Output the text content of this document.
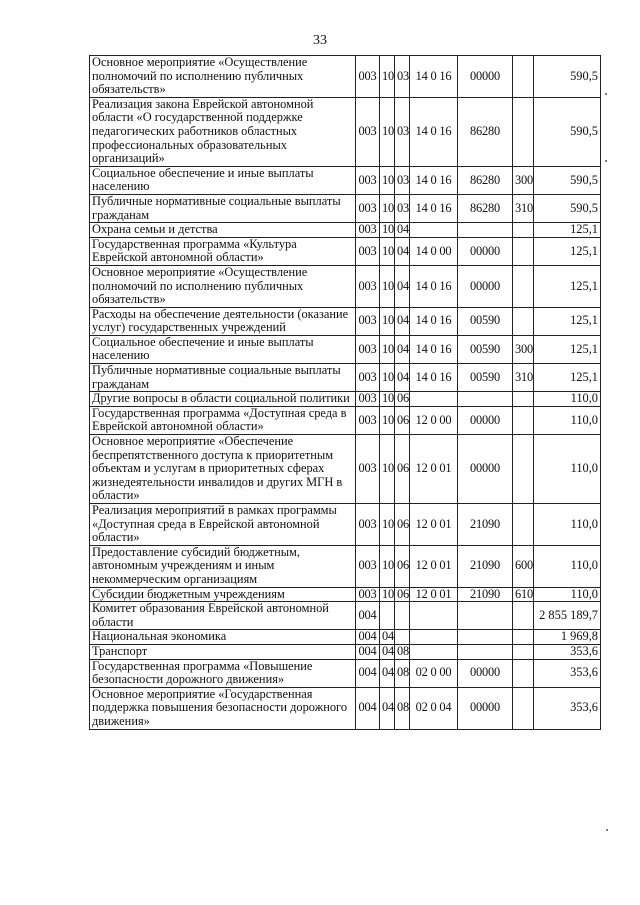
33
Основное мероприятие «Осуществление полномочий по исполнению публичных обязательств»	003	10	03	14 0 16	00000		590,5
Реализация закона Еврейской автономной области «О государственной поддержке педагогических работников областных профессиональных образовательных организаций»	003	10	03	14 0 16	86280		590,5
Социальное обеспечение и иные выплаты населению	003	10	03	14 0 16	86280	300	590,5
Публичные нормативные социальные выплаты гражданам	003	10	03	14 0 16	86280	310	590,5
Охрана семьи и детства	003	10	04				125,1
Государственная программа «Культура Еврейской автономной области»	003	10	04	14 0 00	00000		125,1
Основное мероприятие «Осуществление полномочий по исполнению публичных обязательств»	003	10	04	14 0 16	00000		125,1
Расходы на обеспечение деятельности (оказание услуг) государственных учреждений	003	10	04	14 0 16	00590		125,1
Социальное обеспечение и иные выплаты населению	003	10	04	14 0 16	00590	300	125,1
Публичные нормативные социальные выплаты гражданам	003	10	04	14 0 16	00590	310	125,1
Другие вопросы в области социальной политики	003	10	06				110,0
Государственная программа «Доступная среда в Еврейской автономной области»	003	10	06	12 0 00	00000		110,0
Основное мероприятие «Обеспечение беспрепятственного доступа к приоритетным объектам и услугам в приоритетных сферах жизнедеятельности инвалидов и других МГН в области»	003	10	06	12 0 01	00000		110,0
Реализация мероприятий в рамках программы «Доступная среда в Еврейской автономной области»	003	10	06	12 0 01	21090		110,0
Предоставление субсидий бюджетным, автономным учреждениям и иным некоммерческим организациям	003	10	06	12 0 01	21090	600	110,0
Субсидии бюджетным учреждениям	003	10	06	12 0 01	21090	610	110,0
Комитет образования Еврейской автономной области	004						2 855 189,7
Национальная экономика	004	04					1 969,8
Транспорт	004	04	08				353,6
Государственная программа «Повышение безопасности дорожного движения»	004	04	08	02 0 00	00000		353,6
Основное мероприятие «Государственная поддержка повышения безопасности дорожного движения»	004	04	08	02 0 04	00000		353,6
